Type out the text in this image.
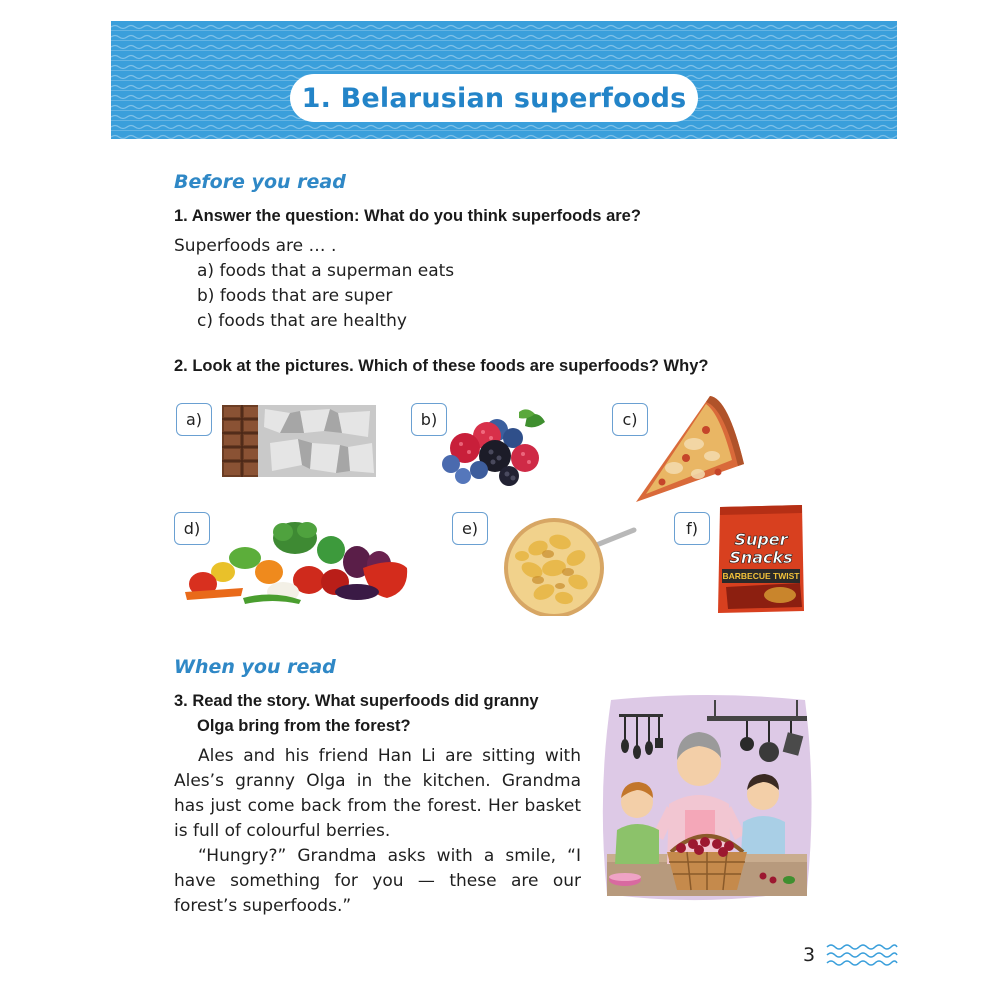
1. Belarusian superfoods
Before you read
1. Answer the question: What do you think superfoods are?
Superfoods are … .
a) foods that a superman eats
b) foods that are super
c) foods that are healthy
2. Look at the pictures. Which of these foods are superfoods? Why?
a)	b)	c)
d)	e)	f)
Super
Snacks
BARBECUE TWIST
When you read
3. Read the story. What superfoods did granny
Olga bring from the forest?

Ales and his friend Han Li are sitting with Ales’s granny Olga in the kitchen. Grandma has just come back from the forest. Her basket is full of colourful berries.

“Hungry?” Grandma asks with a smile, “I have something for you — these are our forest’s superfoods.”

3
